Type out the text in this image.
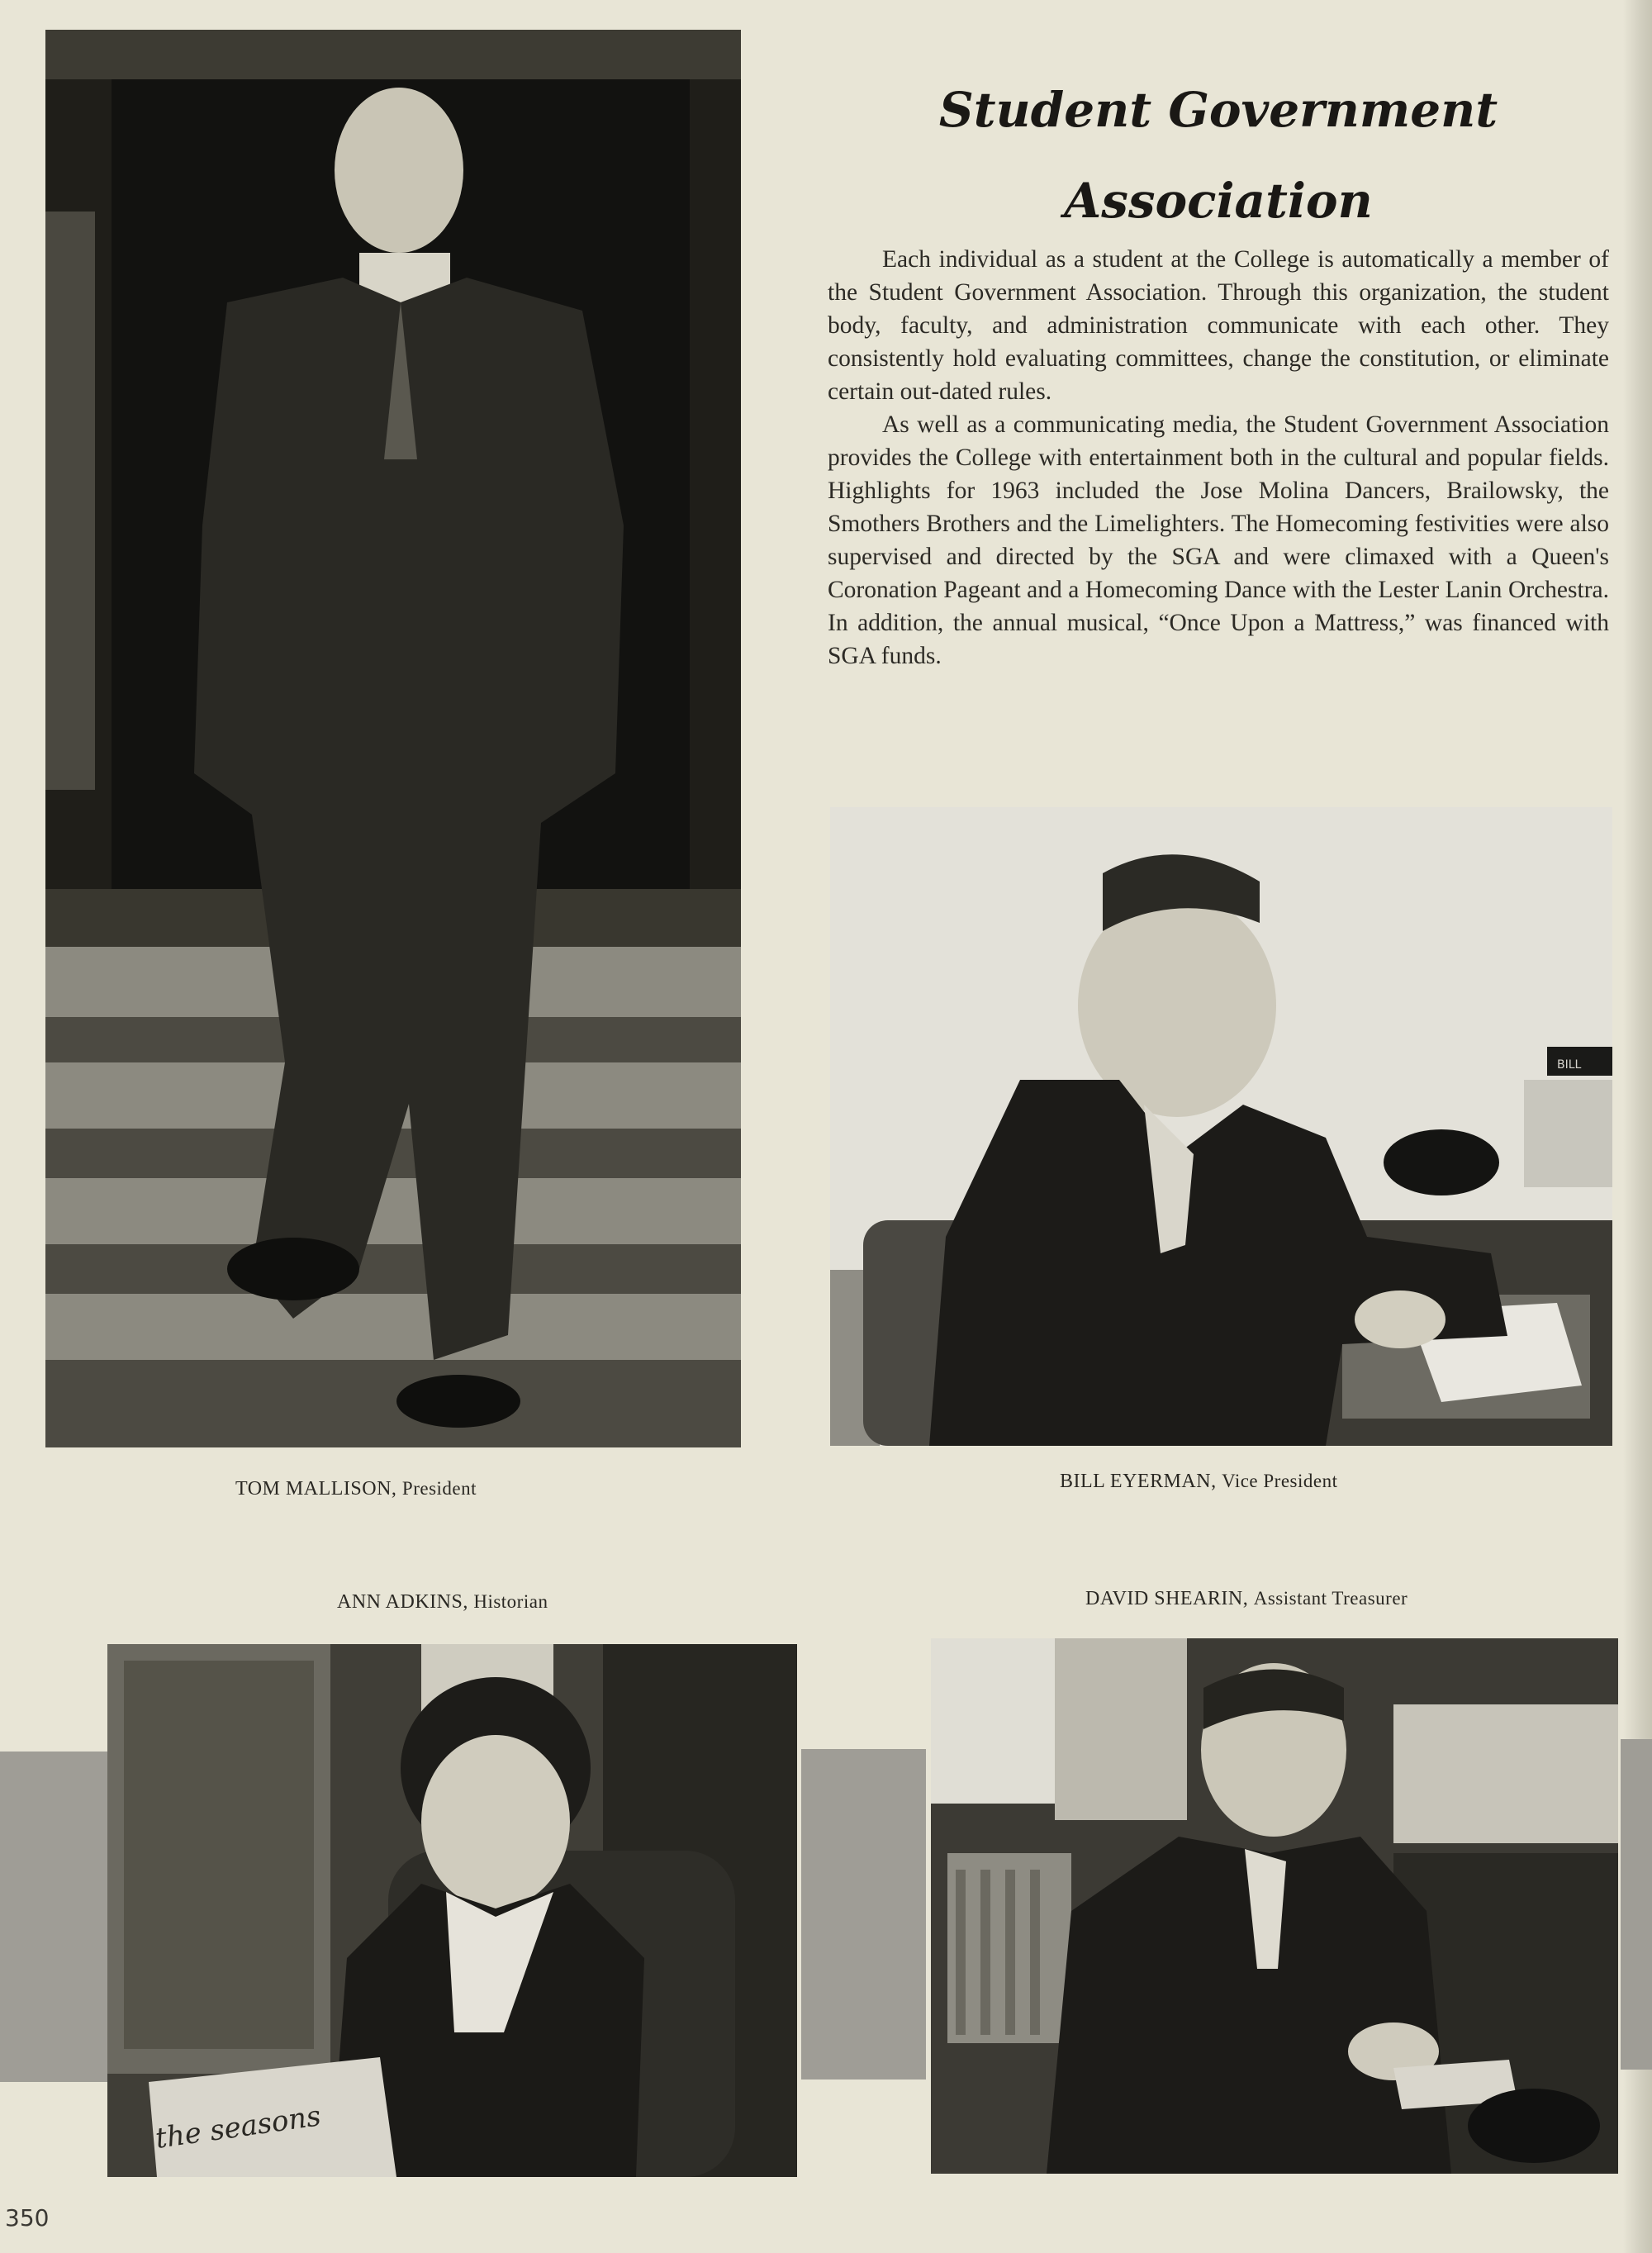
Student Government
Association

Each individual as a student at the College is automatically a member of the Student Government Association. Through this organization, the student body, faculty, and administration communicate with each other. They consistently hold evaluating committees, change the constitution, or eliminate certain out-dated rules.

As well as a communicating media, the Student Government Association provides the College with entertainment both in the cultural and popular fields. Highlights for 1963 included the Jose Molina Dancers, Brailowsky, the Smothers Brothers and the Limelighters. The Homecoming festivities were also supervised and directed by the SGA and were climaxed with a Queen's Coronation Pageant and a Homecoming Dance with the Lester Lanin Orchestra. In addition, the annual musical, “Once Upon a Mattress,” was financed with SGA funds.

BILL
the seasons
TOM MALLISON, President	BILL EYERMAN, Vice President
ANN ADKINS, Historian	DAVID SHEARIN, Assistant Treasurer
350
